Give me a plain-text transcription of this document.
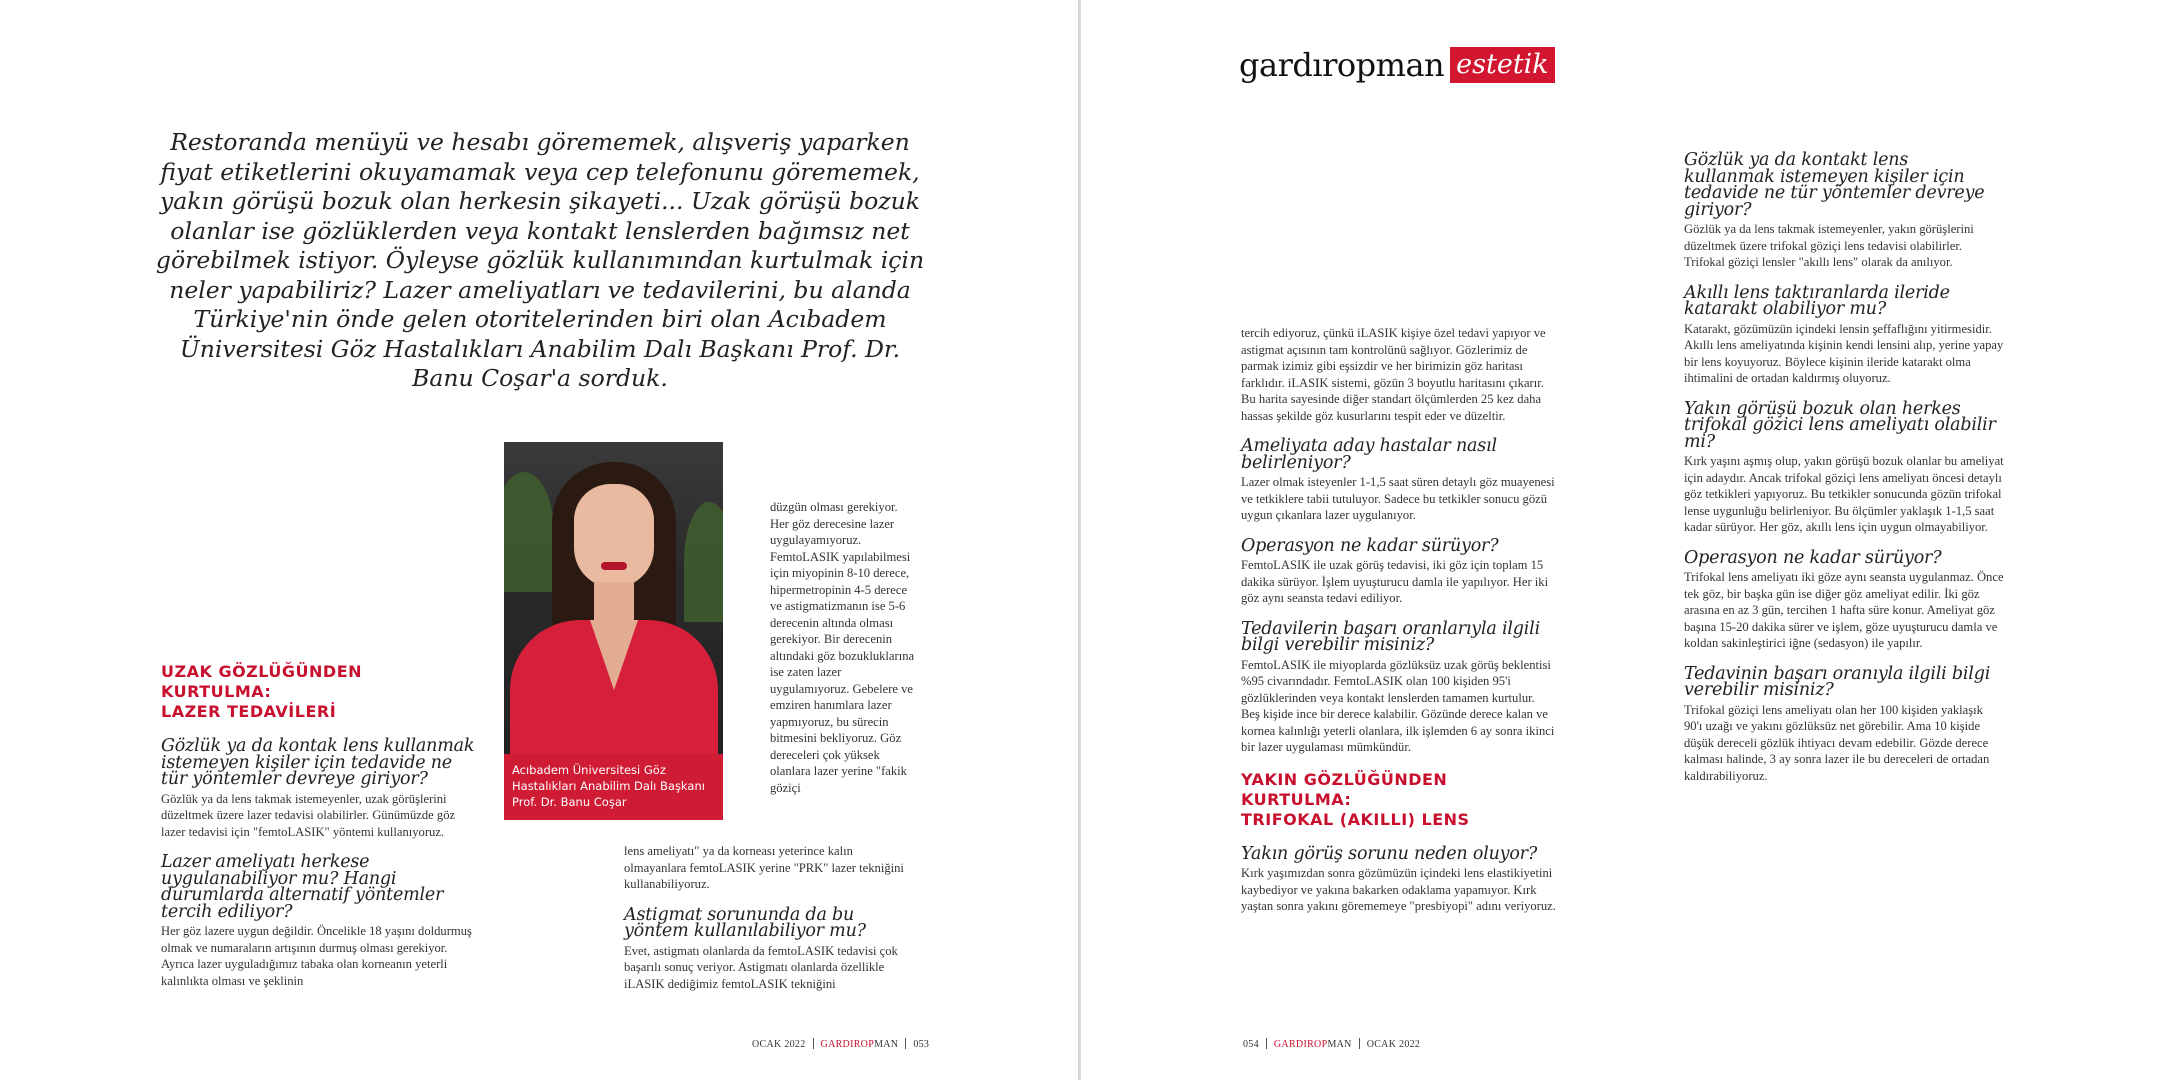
Restoranda menüyü ve hesabı görememek, alışveriş yaparken fiyat etiketlerini okuyamamak veya cep telefonunu görememek, yakın görüşü bozuk olan herkesin şikayeti... Uzak görüşü bozuk olanlar ise gözlüklerden veya kontakt lenslerden bağımsız net görebilmek istiyor. Öyleyse gözlük kullanımından kurtulmak için neler yapabiliriz? Lazer ameliyatları ve tedavilerini, bu alanda Türkiye'nin önde gelen otoritelerinden biri olan Acıbadem Üniversitesi Göz Hastalıkları Anabilim Dalı Başkanı Prof. Dr. Banu Coşar'a sorduk.
UZAK GÖZLÜĞÜNDEN KURTULMA:
LAZER TEDAVİLERİ
Gözlük ya da kontak lens kullanmak istemeyen kişiler için tedavide ne tür yöntemler devreye giriyor?

Gözlük ya da lens takmak istemeyenler, uzak görüşlerini düzeltmek üzere lazer tedavisi olabilirler. Günümüzde göz lazer tedavisi için "femtoLASIK" yöntemi kullanıyoruz.

Lazer ameliyatı herkese uygulanabiliyor mu? Hangi durumlarda alternatif yöntemler tercih ediliyor?

Her göz lazere uygun değildir. Öncelikle 18 yaşını doldurmuş olmak ve numaraların artışının durmuş olması gerekiyor. Ayrıca lazer uyguladığımız tabaka olan korneanın yeterli kalınlıkta olması ve şeklinin

Acıbadem Üniversitesi Göz Hastalıkları Anabilim Dalı Başkanı Prof. Dr. Banu Coşar

düzgün olması gerekiyor. Her göz derecesine lazer uygulayamıyoruz. FemtoLASIK yapılabilmesi için miyopinin 8-10 derece, hipermetropinin 4-5 derece ve astigmatizmanın ise 5-6 derecenin altında olması gerekiyor. Bir derecenin altındaki göz bozukluklarına ise zaten lazer uygulamıyoruz. Gebelere ve emziren hanımlara lazer yapmıyoruz, bu sürecin bitmesini bekliyoruz. Göz dereceleri çok yüksek olanlara lazer yerine "fakik göziçi

lens ameliyatı" ya da korneası yeterince kalın olmayanlara femtoLASIK yerine "PRK" lazer tekniğini kullanabiliyoruz.

Astigmat sorununda da bu yöntem kullanılabiliyor mu?

Evet, astigmatı olanlarda da femtoLASIK tedavisi çok başarılı sonuç veriyor. Astigmatı olanlarda özellikle iLASIK dediğimiz femtoLASIK tekniğini

OCAK 2022 GARDIROPMAN 053
gardıropman estetik

tercih ediyoruz, çünkü iLASIK kişiye özel tedavi yapıyor ve astigmat açısının tam kontrolünü sağlıyor. Gözlerimiz de parmak izimiz gibi eşsizdir ve her birimizin göz haritası farklıdır. iLASIK sistemi, gözün 3 boyutlu haritasını çıkarır. Bu harita sayesinde diğer standart ölçümlerden 25 kez daha hassas şekilde göz kusurlarını tespit eder ve düzeltir.

Ameliyata aday hastalar nasıl belirleniyor?

Lazer olmak isteyenler 1-1,5 saat süren detaylı göz muayenesi ve tetkiklere tabii tutuluyor. Sadece bu tetkikler sonucu gözü uygun çıkanlara lazer uygulanıyor.

Operasyon ne kadar sürüyor?

FemtoLASIK ile uzak görüş tedavisi, iki göz için toplam 15 dakika sürüyor. İşlem uyuşturucu damla ile yapılıyor. Her iki göz aynı seansta tedavi ediliyor.

Tedavilerin başarı oranlarıyla ilgili bilgi verebilir misiniz?

FemtoLASIK ile miyoplarda gözlüksüz uzak görüş beklentisi %95 civarındadır. FemtoLASIK olan 100 kişiden 95'i gözlüklerinden veya kontakt lenslerden tamamen kurtulur. Beş kişide ince bir derece kalabilir. Gözünde derece kalan ve kornea kalınlığı yeterli olanlara, ilk işlemden 6 ay sonra ikinci bir lazer uygulaması mümkündür.

YAKIN GÖZLÜĞÜNDEN KURTULMA:
TRIFOKAL (AKILLI) LENS
Yakın görüş sorunu neden oluyor?

Kırk yaşımızdan sonra gözümüzün içindeki lens elastikiyetini kaybediyor ve yakına bakarken odaklama yapamıyor. Kırk yaştan sonra yakını görememeye "presbiyopi" adını veriyoruz.

Gözlük ya da kontakt lens kullanmak istemeyen kişiler için tedavide ne tür yöntemler devreye giriyor?

Gözlük ya da lens takmak istemeyenler, yakın görüşlerini düzeltmek üzere trifokal göziçi lens tedavisi olabilirler. Trifokal göziçi lensler "akıllı lens" olarak da anılıyor.

Akıllı lens taktıranlarda ileride katarakt olabiliyor mu?

Katarakt, gözümüzün içindeki lensin şeffaflığını yitirmesidir. Akıllı lens ameliyatında kişinin kendi lensini alıp, yerine yapay bir lens koyuyoruz. Böylece kişinin ileride katarakt olma ihtimalini de ortadan kaldırmış oluyoruz.

Yakın görüşü bozuk olan herkes trifokal gözici lens ameliyatı olabilir mi?

Kırk yaşını aşmış olup, yakın görüşü bozuk olanlar bu ameliyat için adaydır. Ancak trifokal göziçi lens ameliyatı öncesi detaylı göz tetkikleri yapıyoruz. Bu tetkikler sonucunda gözün trifokal lense uygunluğu belirleniyor. Bu ölçümler yaklaşık 1-1,5 saat kadar sürüyor. Her göz, akıllı lens için uygun olmayabiliyor.

Operasyon ne kadar sürüyor?

Trifokal lens ameliyatı iki göze aynı seansta uygulanmaz. Önce tek göz, bir başka gün ise diğer göz ameliyat edilir. İki göz arasına en az 3 gün, tercihen 1 hafta süre konur. Ameliyat göz başına 15-20 dakika sürer ve işlem, göze uyuşturucu damla ve koldan sakinleştirici iğne (sedasyon) ile yapılır.

Tedavinin başarı oranıyla ilgili bilgi verebilir misiniz?

Trifokal göziçi lens ameliyatı olan her 100 kişiden yaklaşık 90'ı uzağı ve yakını gözlüksüz net görebilir. Ama 10 kişide düşük dereceli gözlük ihtiyacı devam edebilir. Gözde derece kalması halinde, 3 ay sonra lazer ile bu dereceleri de ortadan kaldırabiliyoruz.

054 GARDIROPMAN OCAK 2022
